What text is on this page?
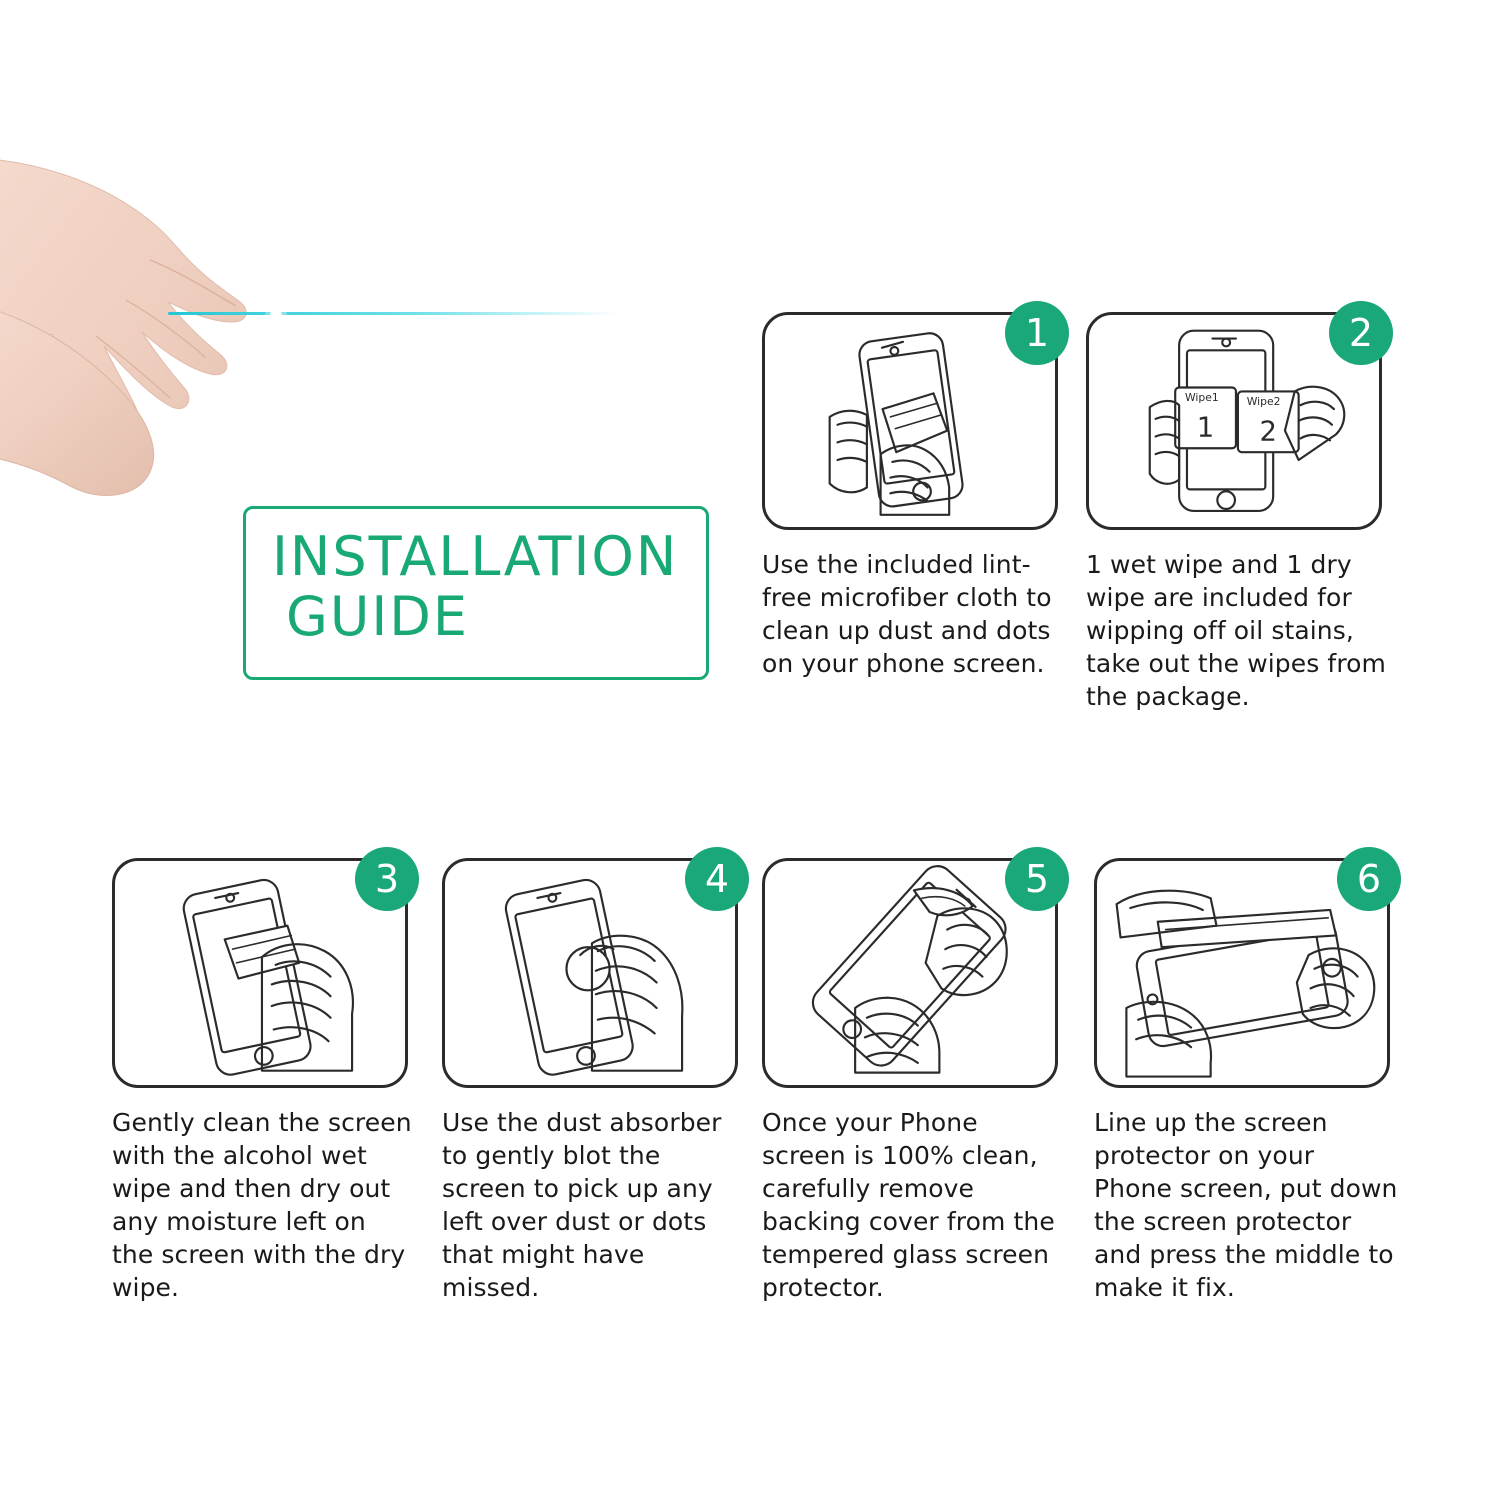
INSTALLATION
GUIDE
1
Use the included lint-free microfiber cloth to clean up dust and dots on your phone screen.
2
Wipe1
1
Wipe2
2
1 wet wipe and 1 dry wipe are included for wipping off oil stains, take out the wipes from the package.
3
Gently clean the screen with the alcohol wet wipe and then dry out any moisture left on the screen with the dry wipe.
4
Use the dust absorber to gently blot the screen to pick up any left over dust or dots that might have missed.
5
Once your Phone screen is 100% clean, carefully remove backing cover from the tempered glass screen protector.
6
Line up the screen protector on your Phone screen, put down the screen protector and press the middle to make it fix.
